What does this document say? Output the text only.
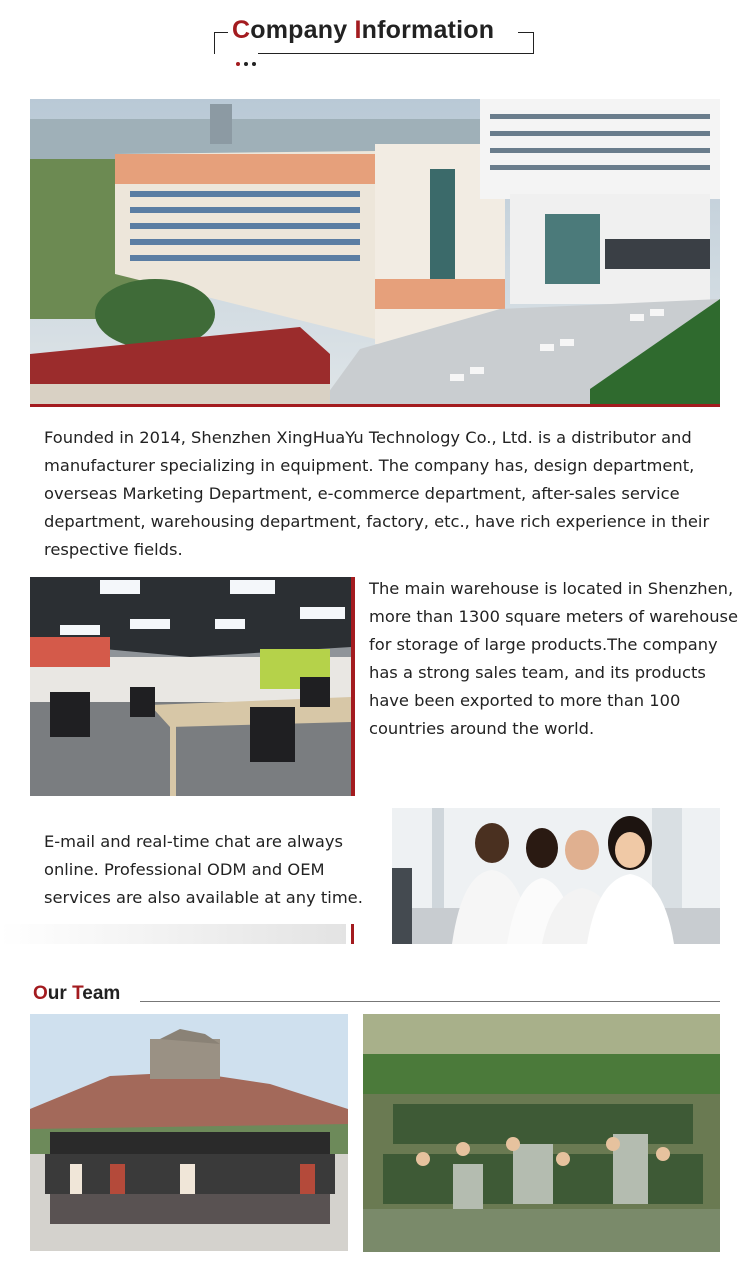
Company Information
Founded in 2014, Shenzhen XingHuaYu Technology Co., Ltd. is a distributor and
manufacturer specializing in equipment. The company has, design department,
overseas Marketing Department, e-commerce department, after-sales service
department, warehousing department, factory, etc., have rich experience in their
respective fields.
The main warehouse is located in Shenzhen,
more than 1300 square meters of warehouse
for storage of large products.The company
has a strong sales team, and its products
have been exported to more than 100
countries around the world.
E-mail and real-time chat are always
online. Professional ODM and OEM
services are also available at any time.
Our Team
